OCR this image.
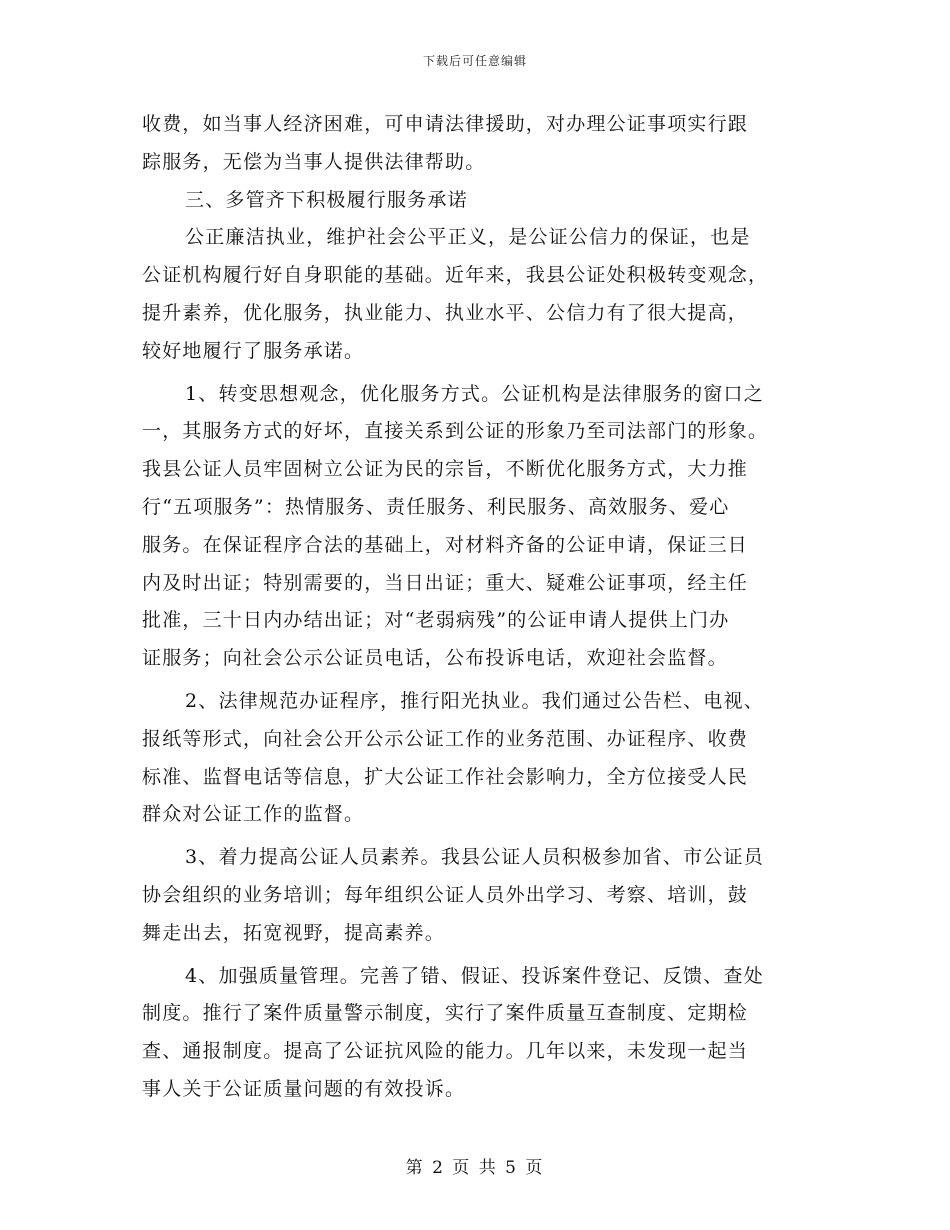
下载后可任意编辑
收费，如当事人经济困难，可申请法律援助，对办理公证事项实行跟
踪服务，无偿为当事人提供法律帮助。
三、多管齐下积极履行服务承诺
公正廉洁执业，维护社会公平正义，是公证公信力的保证，也是
公证机构履行好自身职能的基础。近年来，我县公证处积极转变观念，
提升素养，优化服务，执业能力、执业水平、公信力有了很大提高，
较好地履行了服务承诺。
1、转变思想观念，优化服务方式。公证机构是法律服务的窗口之
一，其服务方式的好坏，直接关系到公证的形象乃至司法部门的形象。
我县公证人员牢固树立公证为民的宗旨，不断优化服务方式，大力推
行“五项服务”：热情服务、责任服务、利民服务、高效服务、爱心
服务。在保证程序合法的基础上，对材料齐备的公证申请，保证三日
内及时出证；特别需要的，当日出证；重大、疑难公证事项，经主任
批准，三十日内办结出证；对“老弱病残”的公证申请人提供上门办
证服务；向社会公示公证员电话，公布投诉电话，欢迎社会监督。
2、法律规范办证程序，推行阳光执业。我们通过公告栏、电视、
报纸等形式，向社会公开公示公证工作的业务范围、办证程序、收费
标准、监督电话等信息，扩大公证工作社会影响力，全方位接受人民
群众对公证工作的监督。
3、着力提高公证人员素养。我县公证人员积极参加省、市公证员
协会组织的业务培训；每年组织公证人员外出学习、考察、培训，鼓
舞走出去，拓宽视野，提高素养。
4、加强质量管理。完善了错、假证、投诉案件登记、反馈、查处
制度。推行了案件质量警示制度，实行了案件质量互查制度、定期检
查、通报制度。提高了公证抗风险的能力。几年以来，未发现一起当
事人关于公证质量问题的有效投诉。
第 2 页 共 5 页
